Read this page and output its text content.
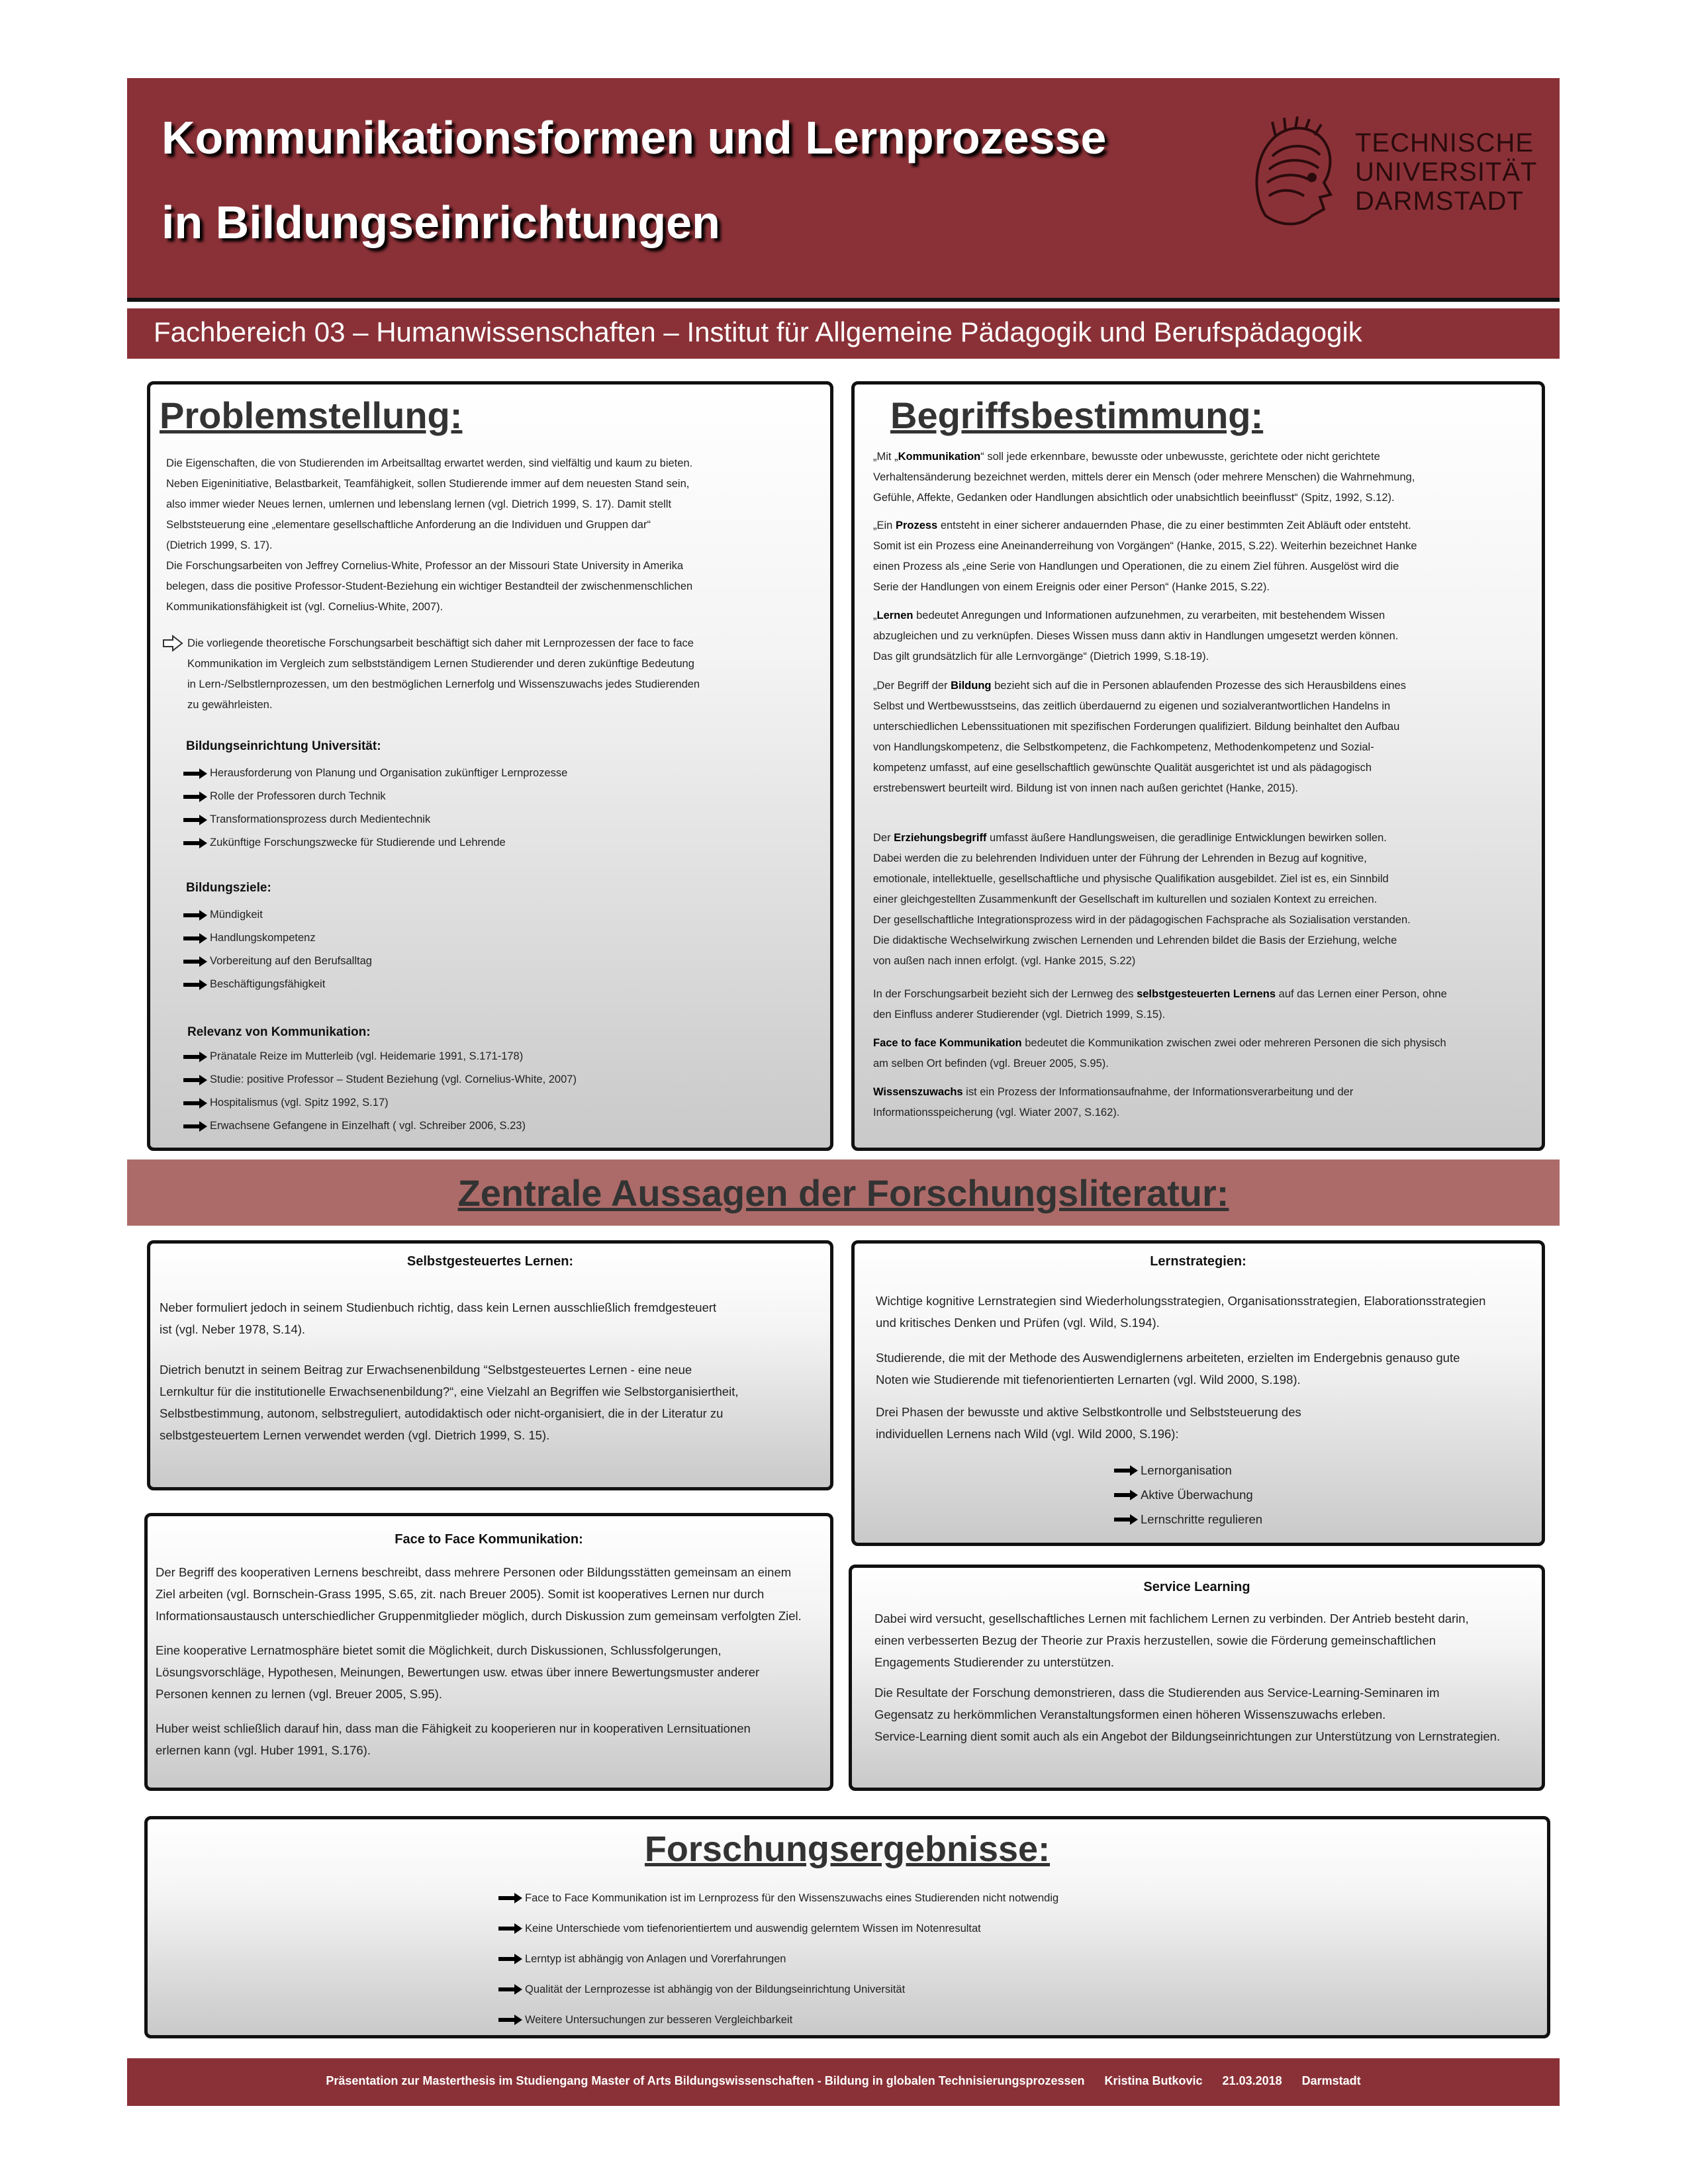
Kommunikationsformen und Lernprozesse
in Bildungseinrichtungen
TECHNISCHE
UNIVERSITÄT
DARMSTADT
Fachbereich 03 – Humanwissenschaften – Institut für Allgemeine Pädagogik und Berufspädagogik
Problemstellung:
Die Eigenschaften, die von Studierenden im Arbeitsalltag erwartet werden, sind vielfältig und kaum zu bieten.
Neben Eigeninitiative, Belastbarkeit, Teamfähigkeit, sollen Studierende immer auf dem neuesten Stand sein,
also immer wieder Neues lernen, umlernen und lebenslang lernen (vgl. Dietrich 1999, S. 17). Damit stellt
Selbststeuerung eine „elementare gesellschaftliche Anforderung an die Individuen und Gruppen dar“
(Dietrich 1999, S. 17).
Die Forschungsarbeiten von Jeffrey Cornelius-White, Professor an der Missouri State University in Amerika
belegen, dass die positive Professor-Student-Beziehung ein wichtiger Bestandteil der zwischenmenschlichen
Kommunikationsfähigkeit ist (vgl. Cornelius-White, 2007).
Die vorliegende theoretische Forschungsarbeit beschäftigt sich daher mit Lernprozessen der face to face
Kommunikation im Vergleich zum selbstständigem Lernen Studierender und deren zukünftige Bedeutung
in Lern-/Selbstlernprozessen, um den bestmöglichen Lernerfolg und Wissenszuwachs jedes Studierenden
zu gewährleisten.
Bildungseinrichtung Universität:
Herausforderung von Planung und Organisation zukünftiger Lernprozesse
Rolle der Professoren durch Technik
Transformationsprozess durch Medientechnik
Zukünftige Forschungszwecke für Studierende und Lehrende
Bildungsziele:
Mündigkeit
Handlungskompetenz
Vorbereitung auf den Berufsalltag
Beschäftigungsfähigkeit
Relevanz von Kommunikation:
Pränatale Reize im Mutterleib (vgl. Heidemarie 1991, S.171-178)
Studie: positive Professor – Student Beziehung (vgl. Cornelius-White, 2007)
Hospitalismus (vgl. Spitz 1992, S.17)
Erwachsene Gefangene in Einzelhaft ( vgl. Schreiber 2006, S.23)
Begriffsbestimmung:
„Mit „Kommunikation“ soll jede erkennbare, bewusste oder unbewusste, gerichtete oder nicht gerichtete
Verhaltensänderung bezeichnet werden, mittels derer ein Mensch (oder mehrere Menschen) die Wahrnehmung,
Gefühle, Affekte, Gedanken oder Handlungen absichtlich oder unabsichtlich beeinflusst“ (Spitz, 1992, S.12).
„Ein Prozess entsteht in einer sicherer andauernden Phase, die zu einer bestimmten Zeit Abläuft oder entsteht.
Somit ist ein Prozess eine Aneinanderreihung von Vorgängen“ (Hanke, 2015, S.22). Weiterhin bezeichnet Hanke
einen Prozess als „eine Serie von Handlungen und Operationen, die zu einem Ziel führen. Ausgelöst wird die
Serie der Handlungen von einem Ereignis oder einer Person“ (Hanke 2015, S.22).
„Lernen bedeutet Anregungen und Informationen aufzunehmen, zu verarbeiten, mit bestehendem Wissen
abzugleichen und zu verknüpfen. Dieses Wissen muss dann aktiv in Handlungen umgesetzt werden können.
Das gilt grundsätzlich für alle Lernvorgänge“ (Dietrich 1999, S.18-19).
„Der Begriff der Bildung bezieht sich auf die in Personen ablaufenden Prozesse des sich Herausbildens eines
Selbst und Wertbewusstseins, das zeitlich überdauernd zu eigenen und sozialverantwortlichen Handelns in
unterschiedlichen Lebenssituationen mit spezifischen Forderungen qualifiziert. Bildung beinhaltet den Aufbau
von Handlungskompetenz, die Selbstkompetenz, die Fachkompetenz, Methodenkompetenz und Sozial-
kompetenz umfasst, auf eine gesellschaftlich gewünschte Qualität ausgerichtet ist und als pädagogisch
erstrebenswert beurteilt wird. Bildung ist von innen nach außen gerichtet (Hanke, 2015).
Der Erziehungsbegriff umfasst äußere Handlungsweisen, die geradlinige Entwicklungen bewirken sollen.
Dabei werden die zu belehrenden Individuen unter der Führung der Lehrenden in Bezug auf kognitive,
emotionale, intellektuelle, gesellschaftliche und physische Qualifikation ausgebildet. Ziel ist es, ein Sinnbild
einer gleichgestellten Zusammenkunft der Gesellschaft im kulturellen und sozialen Kontext zu erreichen.
Der gesellschaftliche Integrationsprozess wird in der pädagogischen Fachsprache als Sozialisation verstanden.
Die didaktische Wechselwirkung zwischen Lernenden und Lehrenden bildet die Basis der Erziehung, welche
von außen nach innen erfolgt. (vgl. Hanke 2015, S.22)
In der Forschungsarbeit bezieht sich der Lernweg des selbstgesteuerten Lernens auf das Lernen einer Person, ohne
den Einfluss anderer Studierender (vgl. Dietrich 1999, S.15).
Face to face Kommunikation bedeutet die Kommunikation zwischen zwei oder mehreren Personen die sich physisch
am selben Ort befinden (vgl. Breuer 2005, S.95).
Wissenszuwachs ist ein Prozess der Informationsaufnahme, der Informationsverarbeitung und der
Informationsspeicherung (vgl. Wiater 2007, S.162).
Zentrale Aussagen der Forschungsliteratur:
Selbstgesteuertes Lernen:
Neber formuliert jedoch in seinem Studienbuch richtig, dass kein Lernen ausschließlich fremdgesteuert
ist (vgl. Neber 1978, S.14).
Dietrich benutzt in seinem Beitrag zur Erwachsenenbildung “Selbstgesteuertes Lernen - eine neue
Lernkultur für die institutionelle Erwachsenenbildung?“, eine Vielzahl an Begriffen wie Selbstorganisiertheit,
Selbstbestimmung, autonom, selbstreguliert, autodidaktisch oder nicht-organisiert, die in der Literatur zu
selbstgesteuertem Lernen verwendet werden (vgl. Dietrich 1999, S. 15).
Lernstrategien:
Wichtige kognitive Lernstrategien sind Wiederholungsstrategien, Organisationsstrategien, Elaborationsstrategien
und kritisches Denken und Prüfen (vgl. Wild, S.194).
Studierende, die mit der Methode des Auswendiglernens arbeiteten, erzielten im Endergebnis genauso gute
Noten wie Studierende mit tiefenorientierten Lernarten (vgl. Wild 2000, S.198).
Drei Phasen der bewusste und aktive Selbstkontrolle und Selbststeuerung des
individuellen Lernens nach Wild (vgl. Wild 2000, S.196):
Lernorganisation
Aktive Überwachung
Lernschritte regulieren
Face to Face Kommunikation:
Der Begriff des kooperativen Lernens beschreibt, dass mehrere Personen oder Bildungsstätten gemeinsam an einem
Ziel arbeiten (vgl. Bornschein-Grass 1995, S.65, zit. nach Breuer 2005). Somit ist kooperatives Lernen nur durch
Informationsaustausch unterschiedlicher Gruppenmitglieder möglich, durch Diskussion zum gemeinsam verfolgten Ziel.
Eine kooperative Lernatmosphäre bietet somit die Möglichkeit, durch Diskussionen, Schlussfolgerungen,
Lösungsvorschläge, Hypothesen, Meinungen, Bewertungen usw. etwas über innere Bewertungsmuster anderer
Personen kennen zu lernen (vgl. Breuer 2005, S.95).
Huber weist schließlich darauf hin, dass man die Fähigkeit zu kooperieren nur in kooperativen Lernsituationen
erlernen kann (vgl. Huber 1991, S.176).
Service Learning
Dabei wird versucht, gesellschaftliches Lernen mit fachlichem Lernen zu verbinden. Der Antrieb besteht darin,
einen verbesserten Bezug der Theorie zur Praxis herzustellen, sowie die Förderung gemeinschaftlichen
Engagements Studierender zu unterstützen.
Die Resultate der Forschung demonstrieren, dass die Studierenden aus Service-Learning-Seminaren im
Gegensatz zu herkömmlichen Veranstaltungsformen einen höheren Wissenszuwachs erleben.
Service-Learning dient somit auch als ein Angebot der Bildungseinrichtungen zur Unterstützung von Lernstrategien.
Forschungsergebnisse:
Face to Face Kommunikation ist im Lernprozess für den Wissenszuwachs eines Studierenden nicht notwendig
Keine Unterschiede vom tiefenorientiertem und auswendig gelerntem Wissen im Notenresultat
Lerntyp ist abhängig von Anlagen und Vorerfahrungen
Qualität der Lernprozesse ist abhängig von der Bildungseinrichtung Universität
Weitere Untersuchungen zur besseren Vergleichbarkeit
Präsentation zur Masterthesis im Studiengang Master of Arts Bildungswissenschaften - Bildung in globalen Technisierungsprozessen      Kristina Butkovic      21.03.2018      Darmstadt
